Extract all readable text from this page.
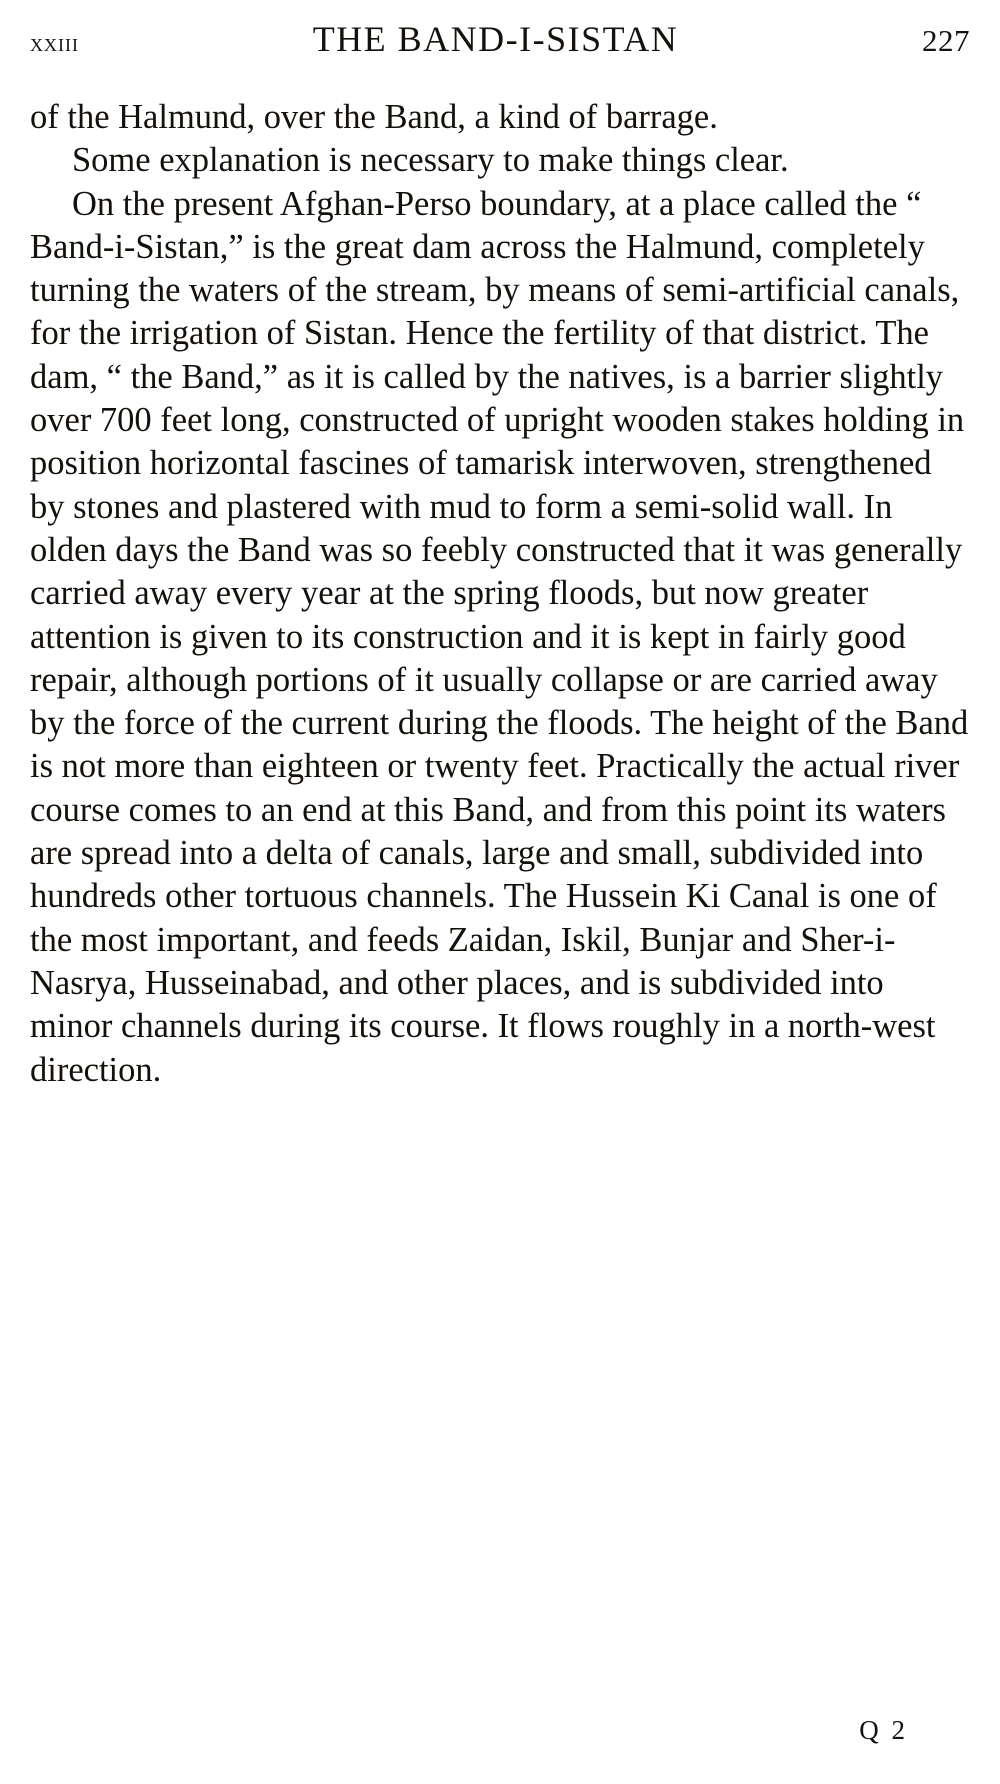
xxiii	THE BAND-I-SISTAN	227

of the Halmund, over the Band, a kind of barrage.

Some explanation is necessary to make things clear.

On the present Afghan-Perso boundary, at a place called the “ Band-i-Sistan,” is the great dam across the Halmund, completely turning the waters of the stream, by means of semi-artificial canals, for the irrigation of Sistan. Hence the fertility of that district. The dam, “ the Band,” as it is called by the natives, is a barrier slightly over 700 feet long, constructed of upright wooden stakes holding in position horizontal fascines of tamarisk interwoven, strengthened by stones and plastered with mud to form a semi-solid wall. In olden days the Band was so feebly constructed that it was generally carried away every year at the spring floods, but now greater attention is given to its construction and it is kept in fairly good repair, although portions of it usually collapse or are carried away by the force of the current during the floods. The height of the Band is not more than eighteen or twenty feet. Practically the actual river course comes to an end at this Band, and from this point its waters are spread into a delta of canals, large and small, subdivided into hundreds other tortuous channels. The Hussein Ki Canal is one of the most important, and feeds Zaidan, Iskil, Bunjar and Sher-i-Nasrya, Husseinabad, and other places, and is subdivided into minor channels during its course. It flows roughly in a north-west direction.

Q 2
